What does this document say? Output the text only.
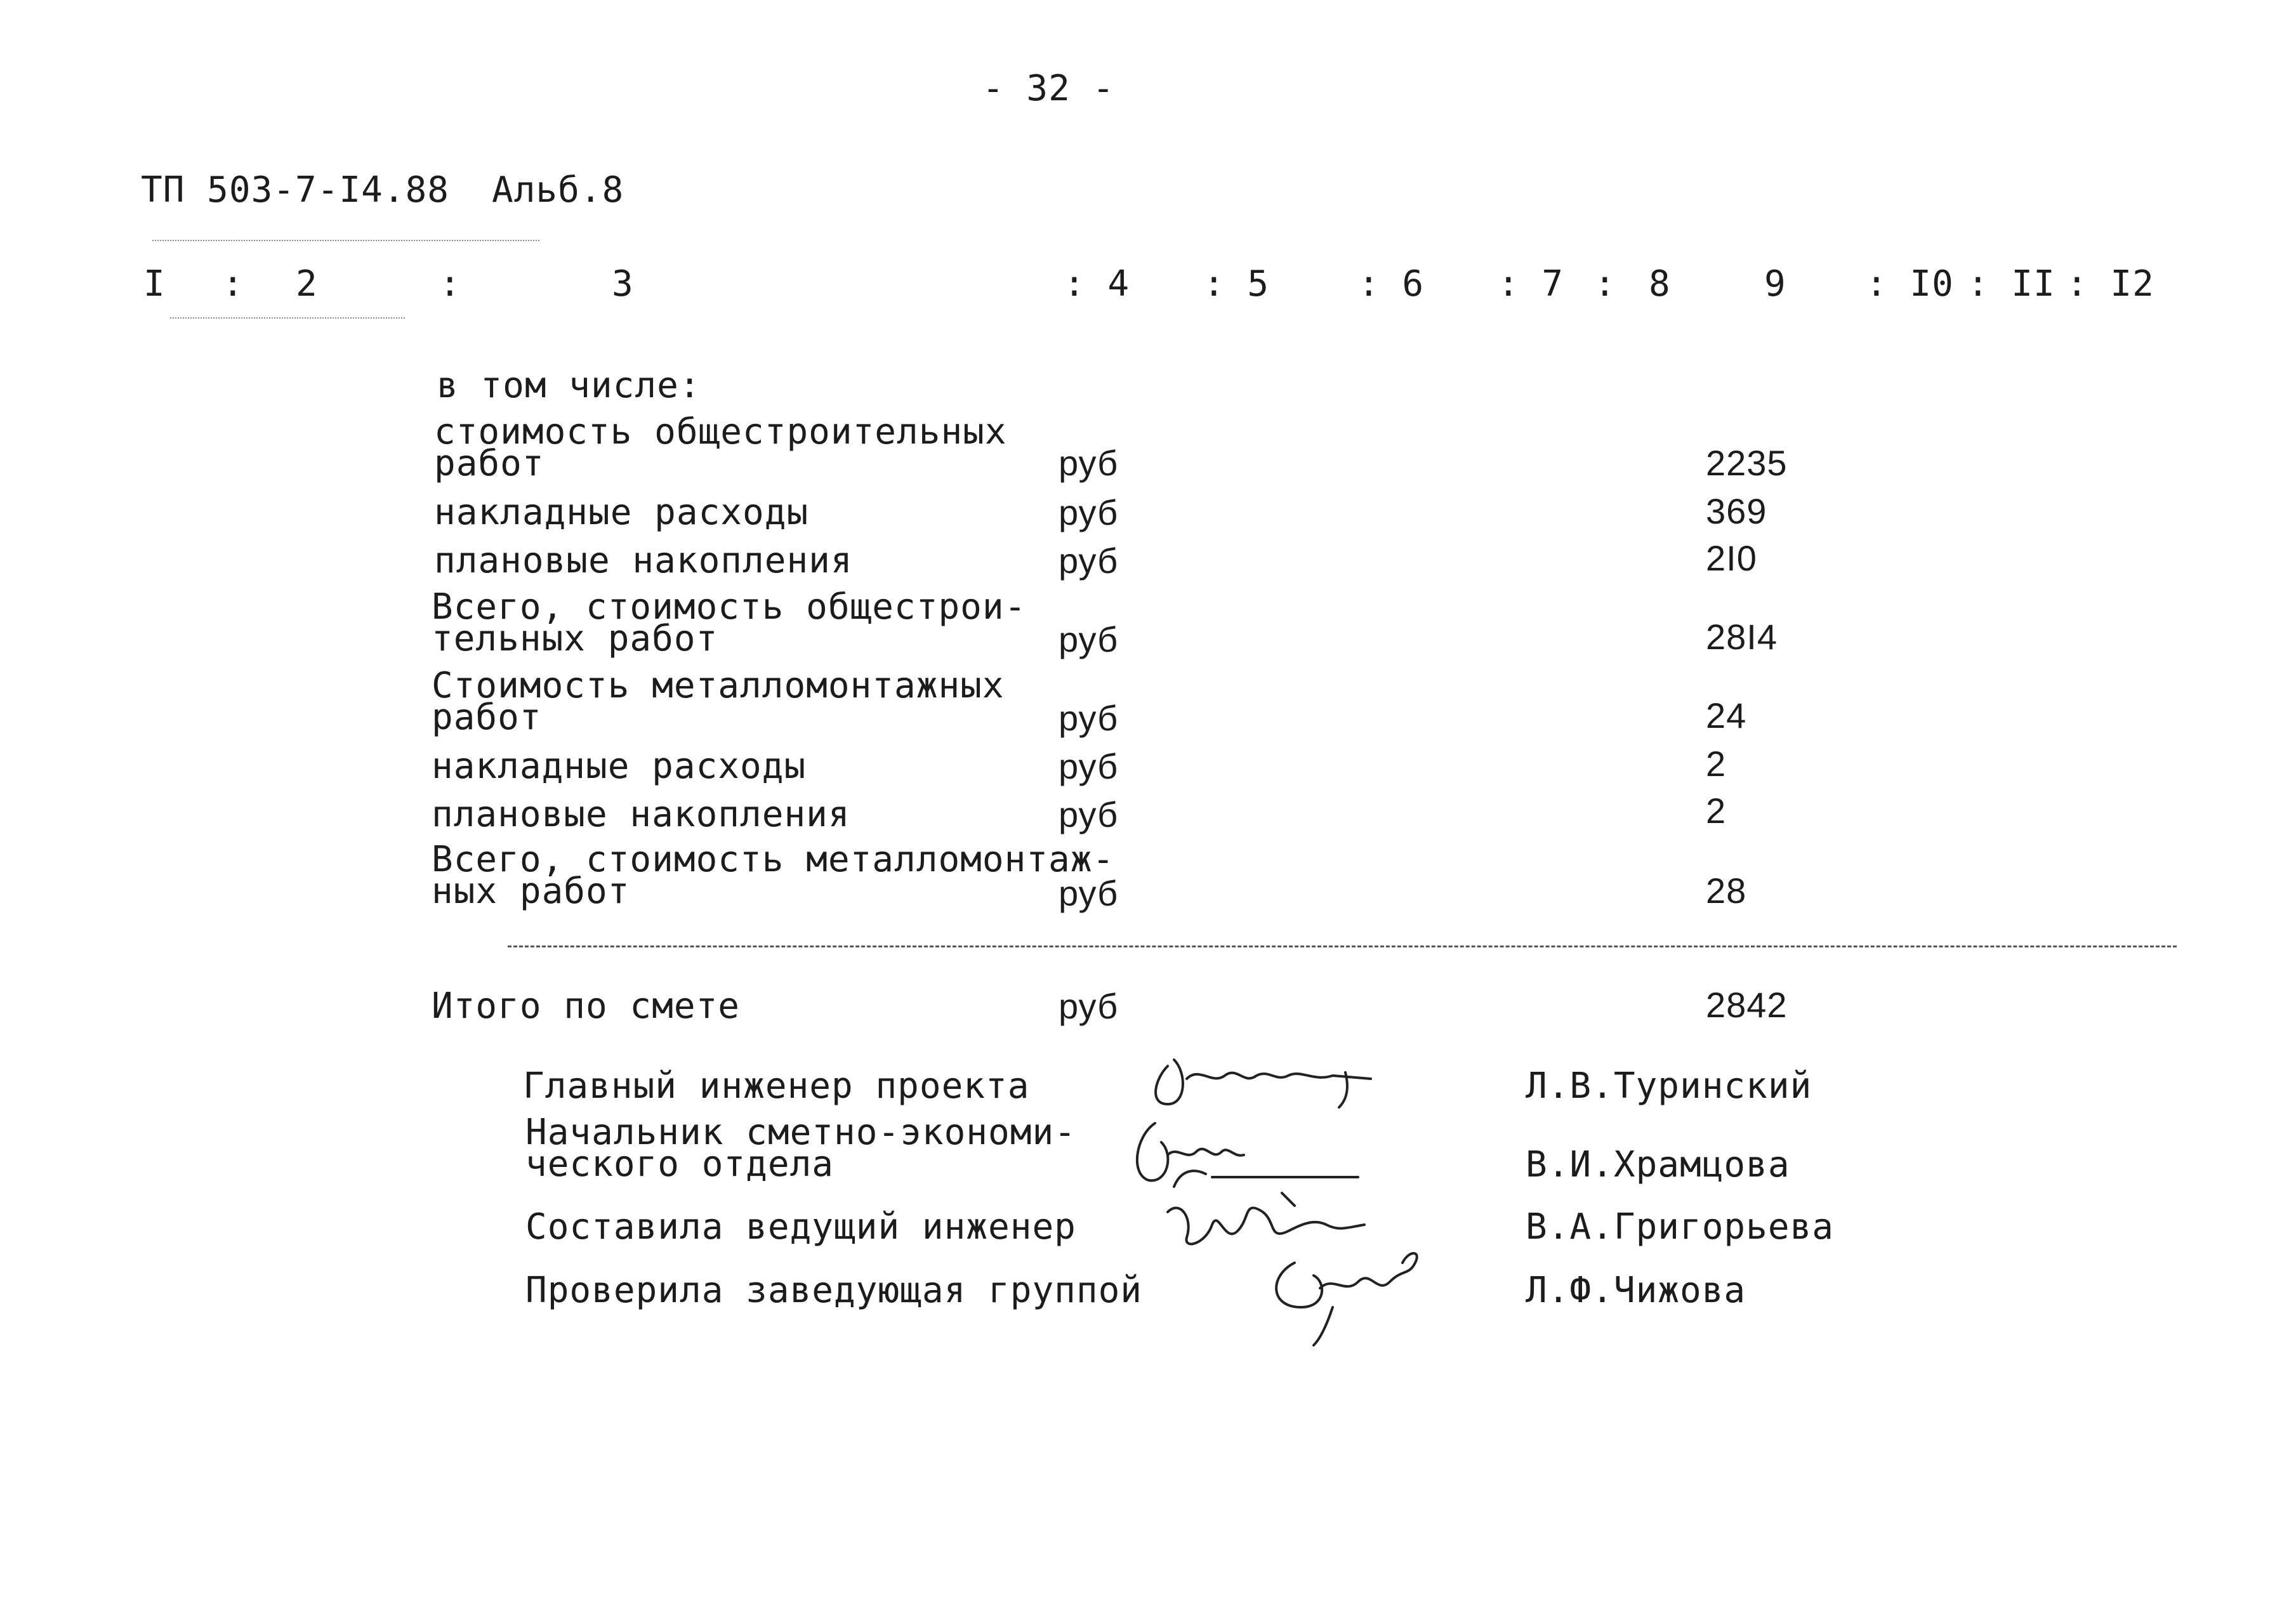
- 32 -
ТП 503-7-I4.88 Альб.8
I : 2	:	3	: 4 : 5 : 6 : 7 : 8	9 : I0 : II : I2
в том числе:
стоимость общестроительных
работ	руб	2235
накладные расходы	руб	369
плановые накопления	руб	2I0
Всего, стоимость общестрои-
тельных работ	руб	28I4
Стоимость металломонтажных
работ	руб	24
накладные расходы	руб	2
плановые накопления	руб	2
Всего, стоимость металломонтаж-
ных работ	руб	28
Итого по смете	руб	2842
Главный инженер проекта	Л.В.Туринский
Начальник сметно-экономи-
ческого отдела	В.И.Храмцова
Составила ведущий инженер	В.А.Григорьева
Проверила заведующая группой	Л.Ф.Чижова
